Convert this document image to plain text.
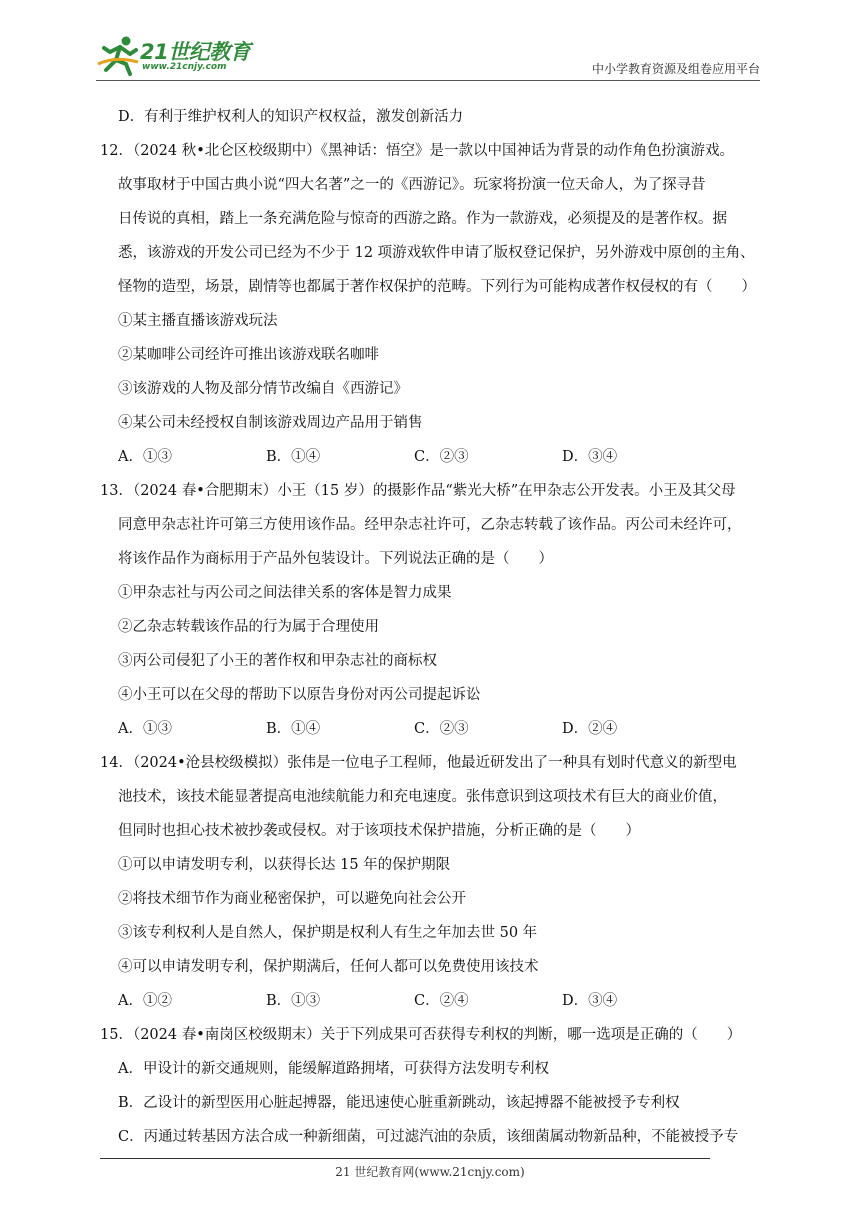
21世纪教育
www.21cnjy.com	中小学教育资源及组卷应用平台
D．有利于维护权利人的知识产权权益，激发创新活力
12．（2024 秋•北仑区校级期中）《黑神话：悟空》是一款以中国神话为背景的动作角色扮演游戏。
故事取材于中国古典小说“四大名著”之一的《西游记》。玩家将扮演一位天命人，为了探寻昔
日传说的真相，踏上一条充满危险与惊奇的西游之路。作为一款游戏，必须提及的是著作权。据
悉，该游戏的开发公司已经为不少于 12 项游戏软件申请了版权登记保护，另外游戏中原创的主角、
怪物的造型，场景，剧情等也都属于著作权保护的范畴。下列行为可能构成著作权侵权的有（　　）
①某主播直播该游戏玩法
②某咖啡公司经许可推出该游戏联名咖啡
③该游戏的人物及部分情节改编自《西游记》
④某公司未经授权自制该游戏周边产品用于销售
A．①③	B．①④	C．②③	D．③④
13．（2024 春•合肥期末）小王（15 岁）的摄影作品“紫光大桥”在甲杂志公开发表。小王及其父母
同意甲杂志社许可第三方使用该作品。经甲杂志社许可，乙杂志转载了该作品。丙公司未经许可，
将该作品作为商标用于产品外包装设计。下列说法正确的是（　　）
①甲杂志社与丙公司之间法律关系的客体是智力成果
②乙杂志转载该作品的行为属于合理使用
③丙公司侵犯了小王的著作权和甲杂志社的商标权
④小王可以在父母的帮助下以原告身份对丙公司提起诉讼
A．①③	B．①④	C．②③	D．②④
14．（2024•沧县校级模拟）张伟是一位电子工程师，他最近研发出了一种具有划时代意义的新型电
池技术，该技术能显著提高电池续航能力和充电速度。张伟意识到这项技术有巨大的商业价值，
但同时也担心技术被抄袭或侵权。对于该项技术保护措施，分析正确的是（　　）
①可以申请发明专利，以获得长达 15 年的保护期限
②将技术细节作为商业秘密保护，可以避免向社会公开
③该专利权利人是自然人，保护期是权利人有生之年加去世 50 年
④可以申请发明专利，保护期满后，任何人都可以免费使用该技术
A．①②	B．①③	C．②④	D．③④
15．（2024 春•南岗区校级期末）关于下列成果可否获得专利权的判断，哪一选项是正确的（　　）
A．甲设计的新交通规则，能缓解道路拥堵，可获得方法发明专利权
B．乙设计的新型医用心脏起搏器，能迅速使心脏重新跳动，该起搏器不能被授予专利权
C．丙通过转基因方法合成一种新细菌，可过滤汽油的杂质，该细菌属动物新品种，不能被授予专
21 世纪教育网(www.21cnjy.com)
